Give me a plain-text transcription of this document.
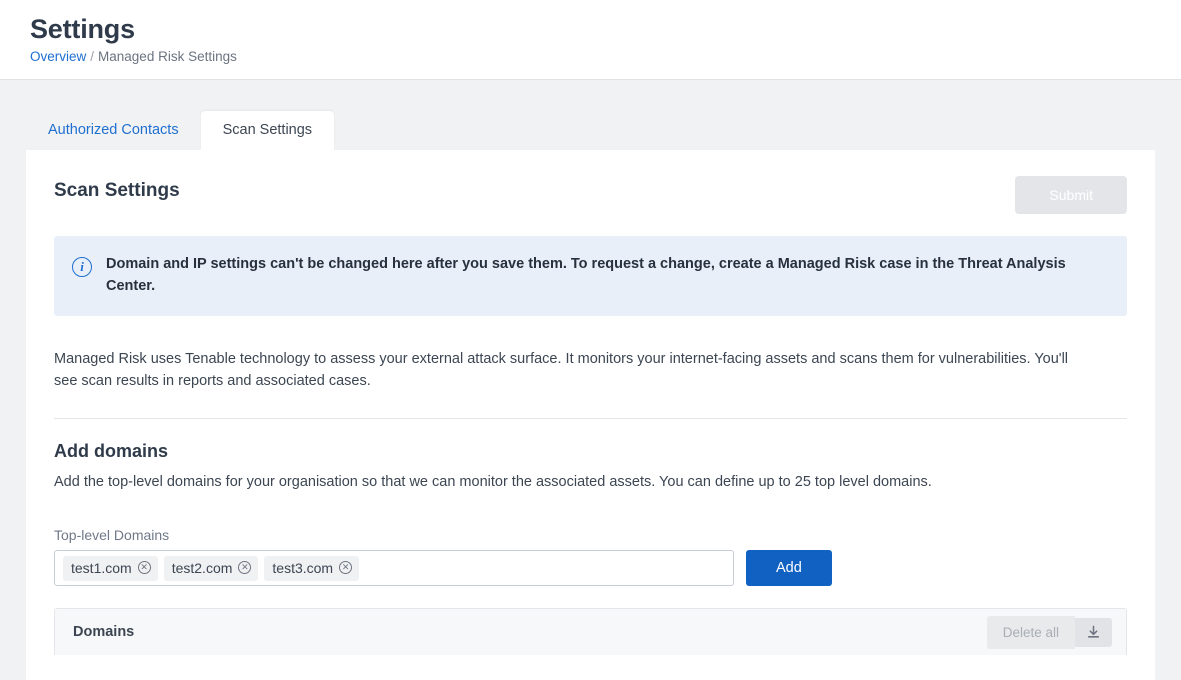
Settings
Overview / Managed Risk Settings
Authorized Contacts	Scan Settings
Scan Settings	Submit
i	Domain and IP settings can't be changed here after you save them. To request a change, create a Managed Risk case in the Threat Analysis Center.

Managed Risk uses Tenable technology to assess your external attack surface. It monitors your internet-facing assets and scans them for vulnerabilities. You'll see scan results in reports and associated cases.

Add domains

Add the top-level domains for your organisation so that we can monitor the associated assets. You can define up to 25 top level domains.

Top-level Domains
test1.com ✕ test2.com ✕ test3.com ✕	Add
Domains	Delete all
